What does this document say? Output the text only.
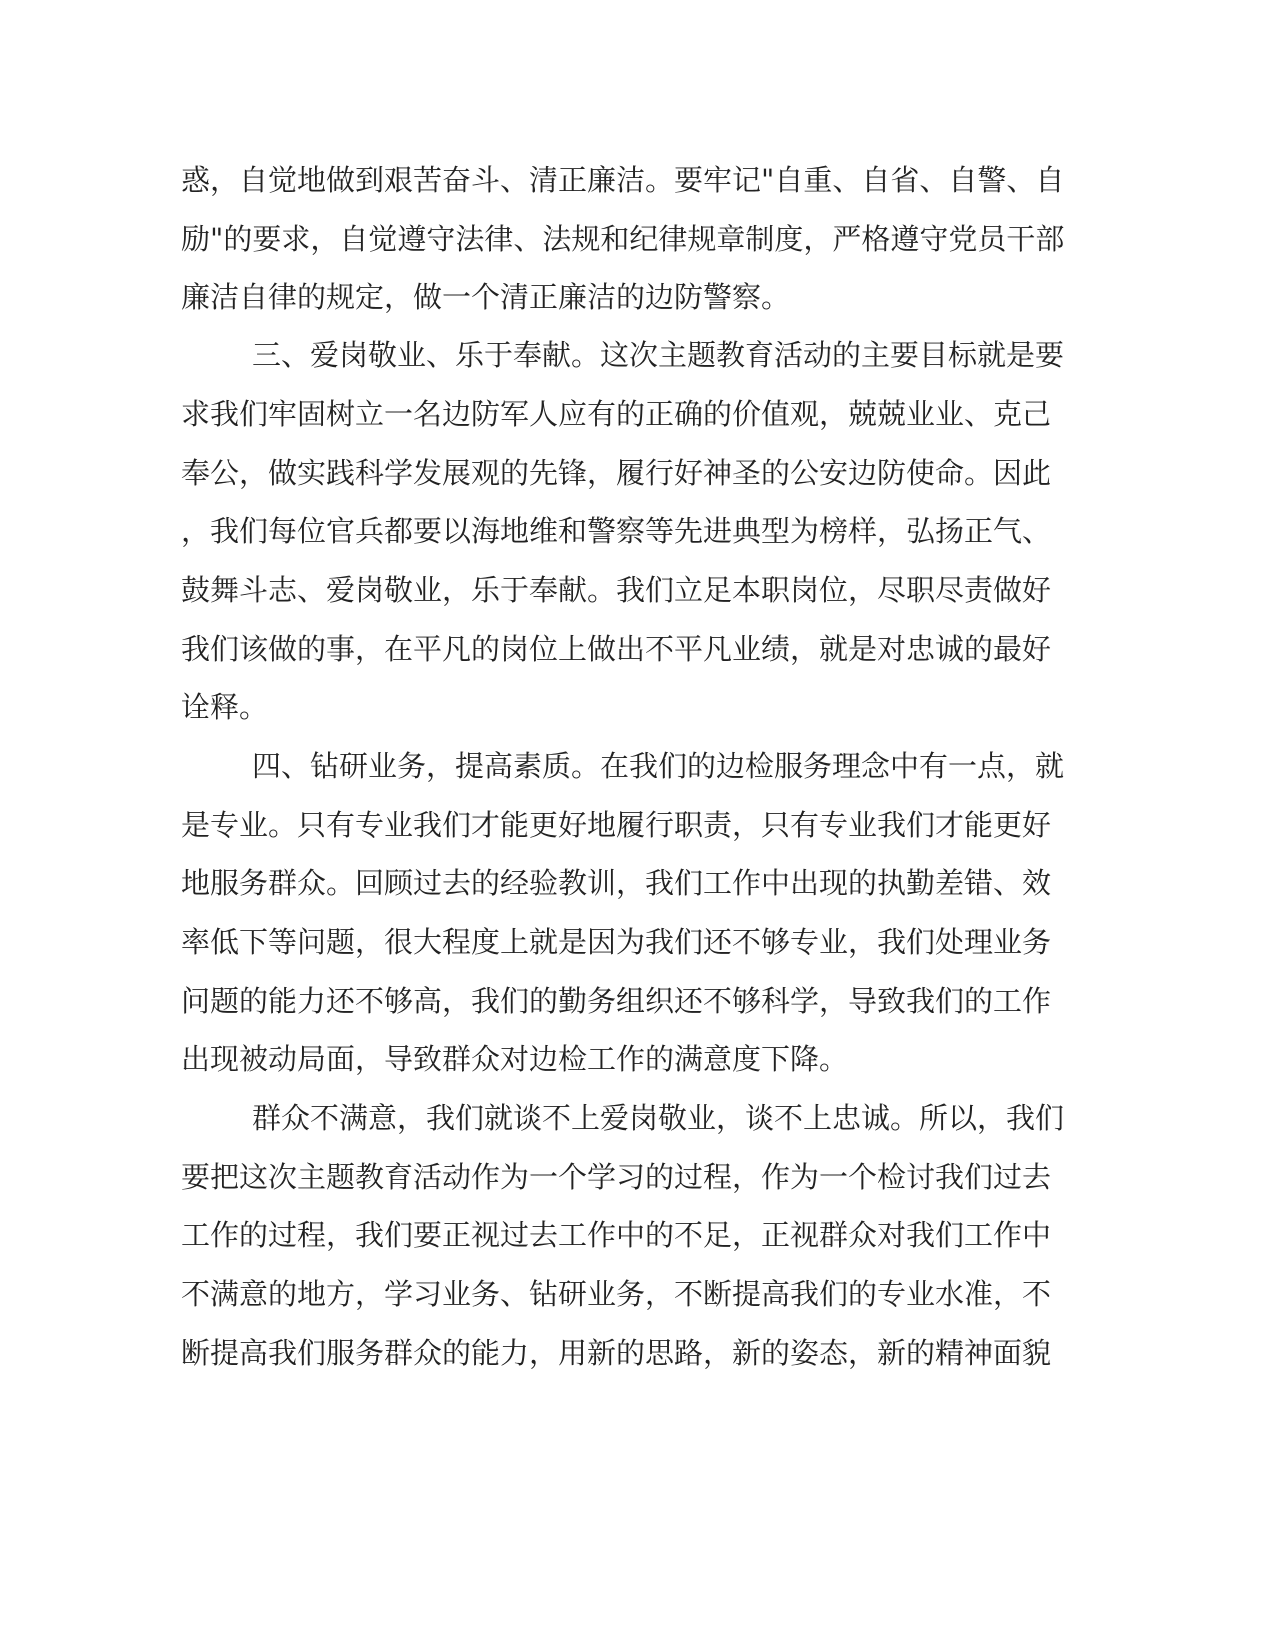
惑，自觉地做到艰苦奋斗、清正廉洁。要牢记"自重、自省、自警、自

励"的要求，自觉遵守法律、法规和纪律规章制度，严格遵守党员干部

廉洁自律的规定，做一个清正廉洁的边防警察。

三、爱岗敬业、乐于奉献。这次主题教育活动的主要目标就是要

求我们牢固树立一名边防军人应有的正确的价值观，兢兢业业、克己

奉公，做实践科学发展观的先锋，履行好神圣的公安边防使命。因此

，我们每位官兵都要以海地维和警察等先进典型为榜样，弘扬正气、

鼓舞斗志、爱岗敬业，乐于奉献。我们立足本职岗位，尽职尽责做好

我们该做的事，在平凡的岗位上做出不平凡业绩，就是对忠诚的最好

诠释。

四、钻研业务，提高素质。在我们的边检服务理念中有一点，就

是专业。只有专业我们才能更好地履行职责，只有专业我们才能更好

地服务群众。回顾过去的经验教训，我们工作中出现的执勤差错、效

率低下等问题，很大程度上就是因为我们还不够专业，我们处理业务

问题的能力还不够高，我们的勤务组织还不够科学，导致我们的工作

出现被动局面，导致群众对边检工作的满意度下降。

群众不满意，我们就谈不上爱岗敬业，谈不上忠诚。所以，我们

要把这次主题教育活动作为一个学习的过程，作为一个检讨我们过去

工作的过程，我们要正视过去工作中的不足，正视群众对我们工作中

不满意的地方，学习业务、钻研业务，不断提高我们的专业水准，不

断提高我们服务群众的能力，用新的思路，新的姿态，新的精神面貌
